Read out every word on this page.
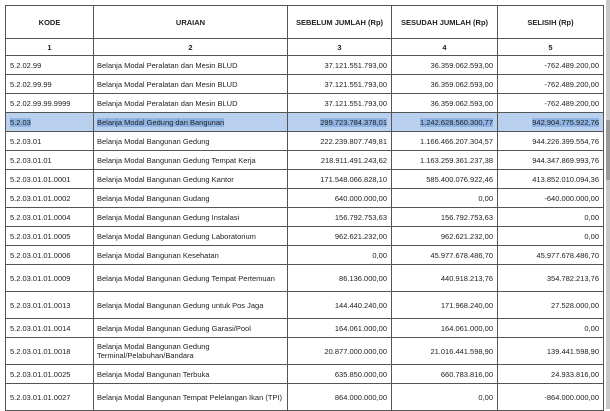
KODE	URAIAN	SEBELUM JUMLAH (Rp)	SESUDAH JUMLAH (Rp)	SELISIH (Rp)
1	2	3	4	5
5.2.02.99	Belanja Modal Peralatan dan Mesin BLUD	37.121.551.793,00	36.359.062.593,00	-762.489.200,00
5.2.02.99.99	Belanja Modal Peralatan dan Mesin BLUD	37.121.551.793,00	36.359.062.593,00	-762.489.200,00
5.2.02.99.99.9999	Belanja Modal Peralatan dan Mesin BLUD	37.121.551.793,00	36.359.062.593,00	-762.489.200,00
5.2.03	Belanja Modal Gedung dan Bangunan	299.723.784.378,01	1.242.628.560.300,77	942.904.775.922,76
5.2.03.01	Belanja Modal Bangunan Gedung	222.239.807.749,81	1.166.466.207.304,57	944.226.399.554,76
5.2.03.01.01	Belanja Modal Bangunan Gedung Tempat Kerja	218.911.491.243,62	1.163.259.361.237,38	944.347.869.993,76
5.2.03.01.01.0001	Belanja Modal Bangunan Gedung Kantor	171.548.066.828,10	585.400.076.922,46	413.852.010.094,36
5.2.03.01.01.0002	Belanja Modal Bangunan Gudang	640.000.000,00	0,00	-640.000.000,00
5.2.03.01.01.0004	Belanja Modal Bangunan Gedung Instalasi	156.792.753,63	156.792.753,63	0,00
5.2.03.01.01.0005	Belanja Modal Bangunan Gedung Laboratorium	962.621.232,00	962.621.232,00	0,00
5.2.03.01.01.0006	Belanja Modal Bangunan Kesehatan	0,00	45.977.678.486,70	45.977.678.486,70
5.2.03.01.01.0009	Belanja Modal Bangunan Gedung Tempat Pertemuan	86.136.000,00	440.918.213,76	354.782.213,76
5.2.03.01.01.0013	Belanja Modal Bangunan Gedung untuk Pos Jaga	144.440.240,00	171.968.240,00	27.528.000,00
5.2.03.01.01.0014	Belanja Modal Bangunan Gedung Garasi/Pool	164.061.000,00	164.061.000,00	0,00
5.2.03.01.01.0018	Belanja Modal Bangunan Gedung Terminal/Pelabuhan/Bandara	20.877.000.000,00	21.016.441.598,90	139.441.598,90
5.2.03.01.01.0025	Belanja Modal Bangunan Terbuka	635.850.000,00	660.783.816,00	24.933.816,00
5.2.03.01.01.0027	Belanja Modal Bangunan Tempat Pelelangan Ikan (TPI)	864.000.000,00	0,00	-864.000.000,00
